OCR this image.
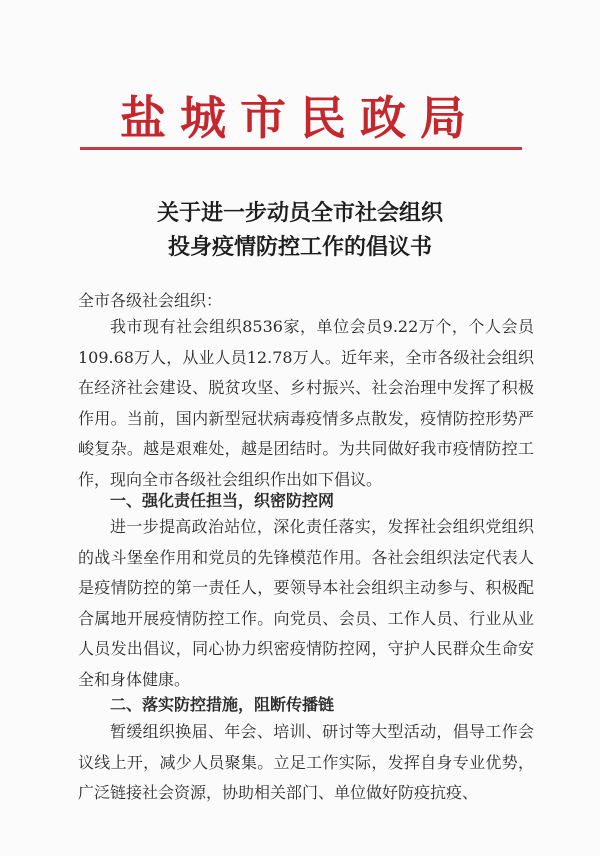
盐城市民政局
关于进一步动员全市社会组织
投身疫情防控工作的倡议书
全市各级社会组织：

我市现有社会组织8536家，单位会员9.22万个，个人会员109.68万人，从业人员12.78万人。近年来，全市各级社会组织在经济社会建设、脱贫攻坚、乡村振兴、社会治理中发挥了积极作用。当前，国内新型冠状病毒疫情多点散发，疫情防控形势严峻复杂。越是艰难处，越是团结时。为共同做好我市疫情防控工作，现向全市各级社会组织作出如下倡议。

一、强化责任担当，织密防控网

进一步提高政治站位，深化责任落实，发挥社会组织党组织的战斗堡垒作用和党员的先锋模范作用。各社会组织法定代表人是疫情防控的第一责任人，要领导本社会组织主动参与、积极配合属地开展疫情防控工作。向党员、会员、工作人员、行业从业人员发出倡议，同心协力织密疫情防控网，守护人民群众生命安全和身体健康。

二、落实防控措施，阻断传播链

暂缓组织换届、年会、培训、研讨等大型活动，倡导工作会议线上开，减少人员聚集。立足工作实际，发挥自身专业优势，广泛链接社会资源，协助相关部门、单位做好防疫抗疫、
